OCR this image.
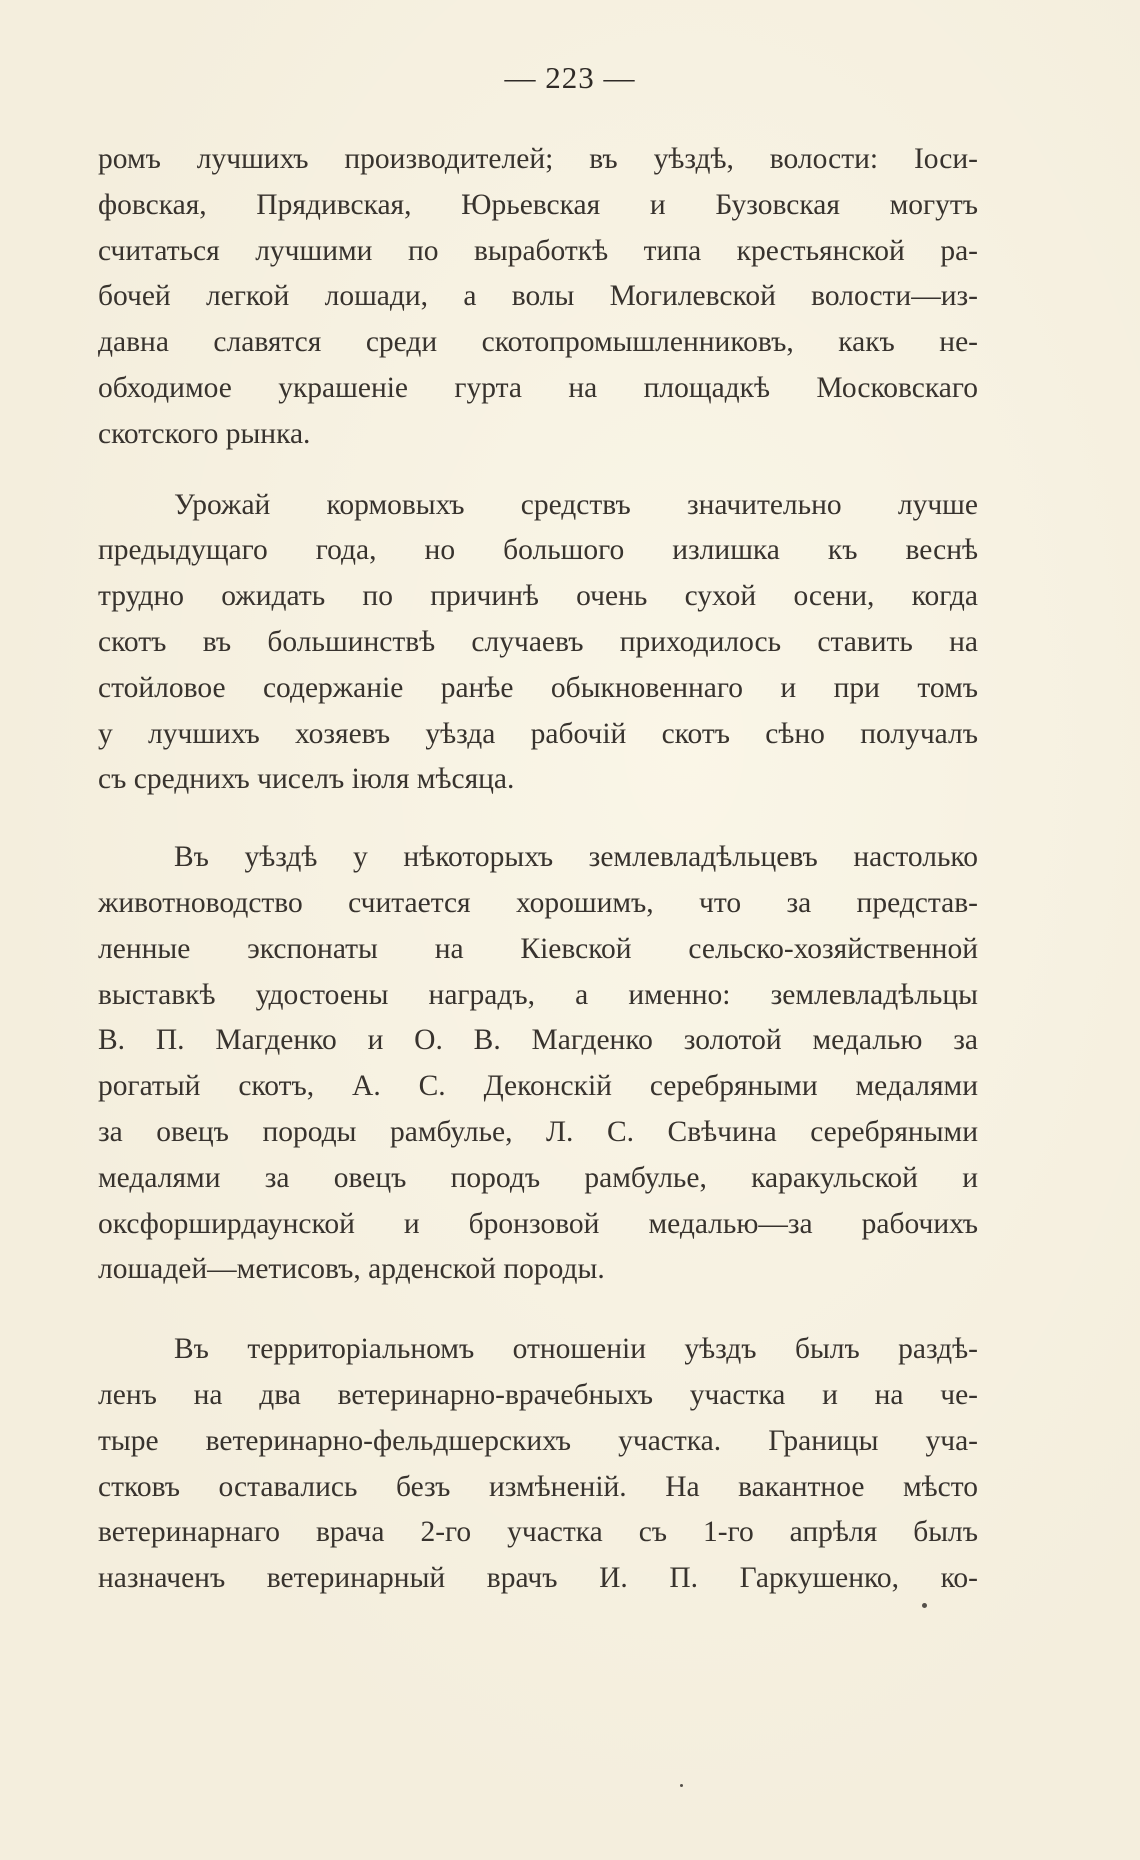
— 223 —
ромъ лучшихъ производителей; въ уѣздѣ, волости: Іоси-
фовская, Прядивская, Юрьевская и Бузовская могутъ
считаться лучшими по выработкѣ типа крестьянской ра-
бочей легкой лошади, а волы Могилевской волости—из-
давна славятся среди скотопромышленниковъ, какъ не-
обходимое украшеніе гурта на площадкѣ Московскаго
скотского рынка.
Урожай кормовыхъ средствъ значительно лучше
предыдущаго года, но большого излишка къ веснѣ
трудно ожидать по причинѣ очень сухой осени, когда
скотъ въ большинствѣ случаевъ приходилось ставить на
стойловое содержаніе ранѣе обыкновеннаго и при томъ
у лучшихъ хозяевъ уѣзда рабочій скотъ сѣно получалъ
съ среднихъ чиселъ іюля мѣсяца.
Въ уѣздѣ у нѣкоторыхъ землевладѣльцевъ настолько
животноводство считается хорошимъ, что за представ-
ленные экспонаты на Кіевской сельско-хозяйственной
выставкѣ удостоены наградъ, а именно: землевладѣльцы
В. П. Магденко и О. В. Магденко золотой медалью за
рогатый скотъ, А. С. Деконскій серебряными медалями
за овецъ породы рамбулье, Л. С. Свѣчина серебряными
медалями за овецъ породъ рамбулье, каракульской и
оксфорширдаунской и бронзовой медалью—за рабочихъ
лошадей—метисовъ, арденской породы.
Въ территоріальномъ отношеніи уѣздъ былъ раздѣ-
ленъ на два ветеринарно-врачебныхъ участка и на че-
тыре ветеринарно-фельдшерскихъ участка. Границы уча-
стковъ оставались безъ измѣненій. На вакантное мѣсто
ветеринарнаго врача 2-го участка съ 1-го апрѣля былъ
назначенъ ветеринарный врачъ И. П. Гаркушенко, ко-
